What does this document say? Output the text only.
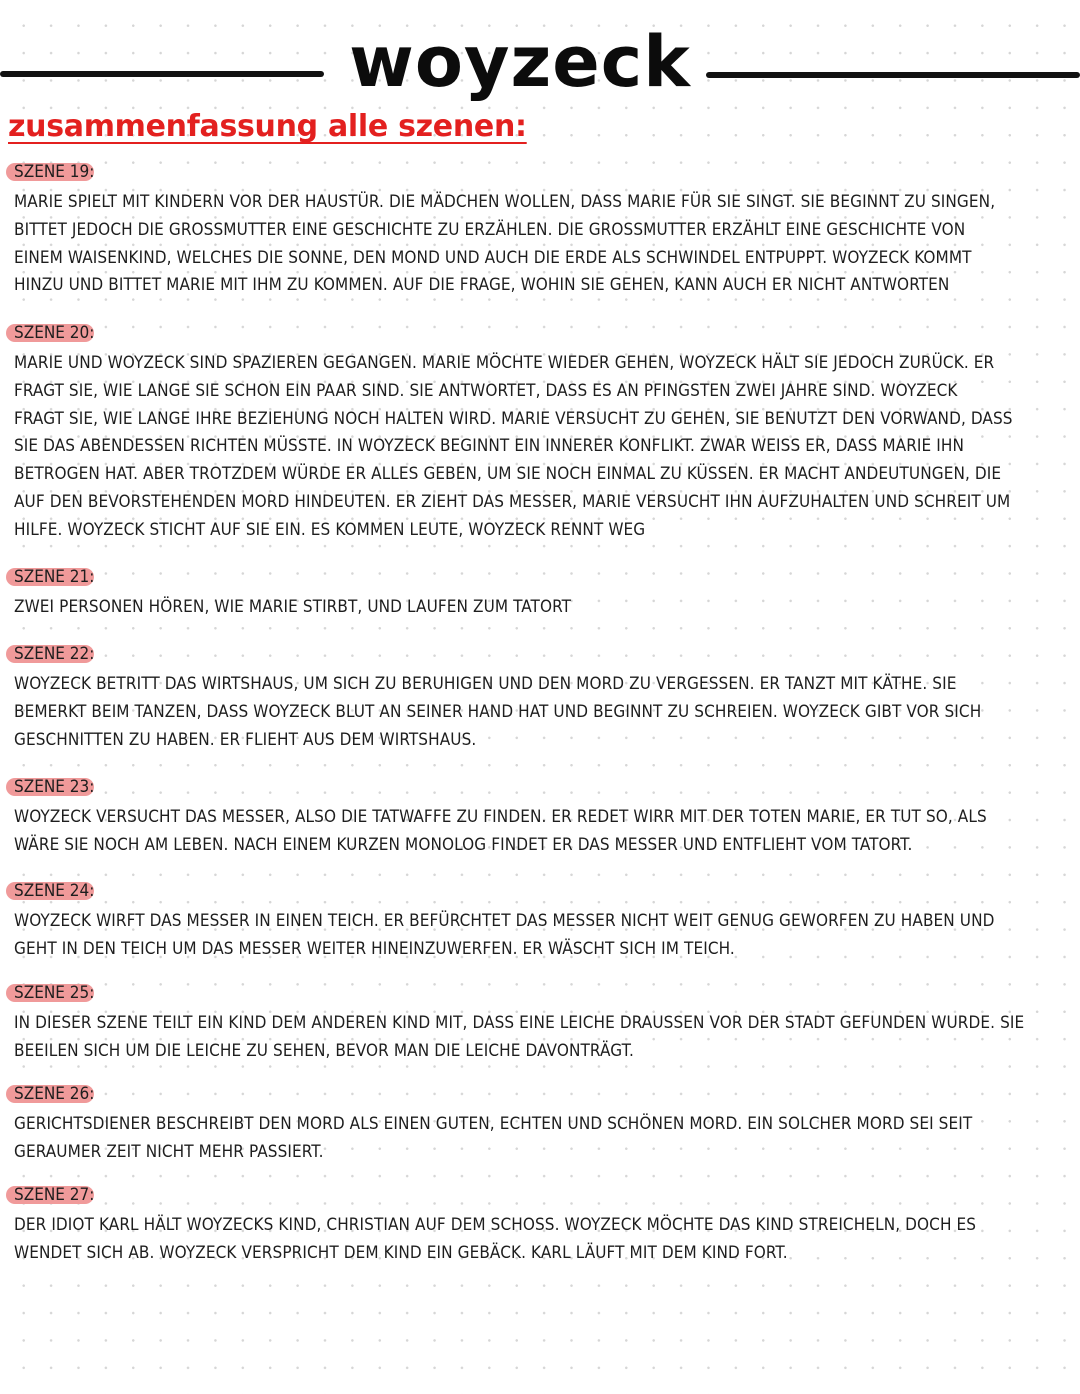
woyzeck
zusammenfassung alle szenen:
SZENE 19:
MARIE SPIELT MIT KINDERN VOR DER HAUSTÜR. DIE MÄDCHEN WOLLEN, DASS MARIE FÜR SIE SINGT. SIE BEGINNT ZU SINGEN,
BITTET JEDOCH DIE GROSSMUTTER EINE GESCHICHTE ZU ERZÄHLEN. DIE GROSSMUTTER ERZÄHLT EINE GESCHICHTE VON
EINEM WAISENKIND, WELCHES DIE SONNE, DEN MOND UND AUCH DIE ERDE ALS SCHWINDEL ENTPUPPT. WOYZECK KOMMT
HINZU UND BITTET MARIE MIT IHM ZU KOMMEN. AUF DIE FRAGE, WOHIN SIE GEHEN, KANN AUCH ER NICHT ANTWORTEN
SZENE 20:
MARIE UND WOYZECK SIND SPAZIEREN GEGANGEN. MARIE MÖCHTE WIEDER GEHEN, WOYZECK HÄLT SIE JEDOCH ZURÜCK. ER
FRAGT SIE, WIE LANGE SIE SCHON EIN PAAR SIND. SIE ANTWORTET, DASS ES AN PFINGSTEN ZWEI JAHRE SIND. WOYZECK
FRAGT SIE, WIE LANGE IHRE BEZIEHUNG NOCH HALTEN WIRD. MARIE VERSUCHT ZU GEHEN, SIE BENUTZT DEN VORWAND, DASS
SIE DAS ABENDESSEN RICHTEN MÜSSTE. IN WOYZECK BEGINNT EIN INNERER KONFLIKT. ZWAR WEISS ER, DASS MARIE IHN
BETROGEN HAT. ABER TROTZDEM WÜRDE ER ALLES GEBEN, UM SIE NOCH EINMAL ZU KÜSSEN. ER MACHT ANDEUTUNGEN, DIE
AUF DEN BEVORSTEHENDEN MORD HINDEUTEN. ER ZIEHT DAS MESSER, MARIE VERSUCHT IHN AUFZUHALTEN UND SCHREIT UM
HILFE. WOYZECK STICHT AUF SIE EIN. ES KOMMEN LEUTE, WOYZECK RENNT WEG
SZENE 21:
ZWEI PERSONEN HÖREN, WIE MARIE STIRBT, UND LAUFEN ZUM TATORT
SZENE 22:
WOYZECK BETRITT DAS WIRTSHAUS, UM SICH ZU BERUHIGEN UND DEN MORD ZU VERGESSEN. ER TANZT MIT KÄTHE. SIE
BEMERKT BEIM TANZEN, DASS WOYZECK BLUT AN SEINER HAND HAT UND BEGINNT ZU SCHREIEN. WOYZECK GIBT VOR SICH
GESCHNITTEN ZU HABEN. ER FLIEHT AUS DEM WIRTSHAUS.
SZENE 23:
WOYZECK VERSUCHT DAS MESSER, ALSO DIE TATWAFFE ZU FINDEN. ER REDET WIRR MIT DER TOTEN MARIE, ER TUT SO, ALS
WÄRE SIE NOCH AM LEBEN. NACH EINEM KURZEN MONOLOG FINDET ER DAS MESSER UND ENTFLIEHT VOM TATORT.
SZENE 24:
WOYZECK WIRFT DAS MESSER IN EINEN TEICH. ER BEFÜRCHTET DAS MESSER NICHT WEIT GENUG GEWORFEN ZU HABEN UND
GEHT IN DEN TEICH UM DAS MESSER WEITER HINEINZUWERFEN. ER WÄSCHT SICH IM TEICH.
SZENE 25:
IN DIESER SZENE TEILT EIN KIND DEM ANDEREN KIND MIT, DASS EINE LEICHE DRAUSSEN VOR DER STADT GEFUNDEN WURDE. SIE
BEEILEN SICH UM DIE LEICHE ZU SEHEN, BEVOR MAN DIE LEICHE DAVONTRÄGT.
SZENE 26:
GERICHTSDIENER BESCHREIBT DEN MORD ALS EINEN GUTEN, ECHTEN UND SCHÖNEN MORD. EIN SOLCHER MORD SEI SEIT
GERAUMER ZEIT NICHT MEHR PASSIERT.
SZENE 27:
DER IDIOT KARL HÄLT WOYZECKS KIND, CHRISTIAN AUF DEM SCHOSS. WOYZECK MÖCHTE DAS KIND STREICHELN, DOCH ES
WENDET SICH AB. WOYZECK VERSPRICHT DEM KIND EIN GEBÄCK. KARL LÄUFT MIT DEM KIND FORT.
